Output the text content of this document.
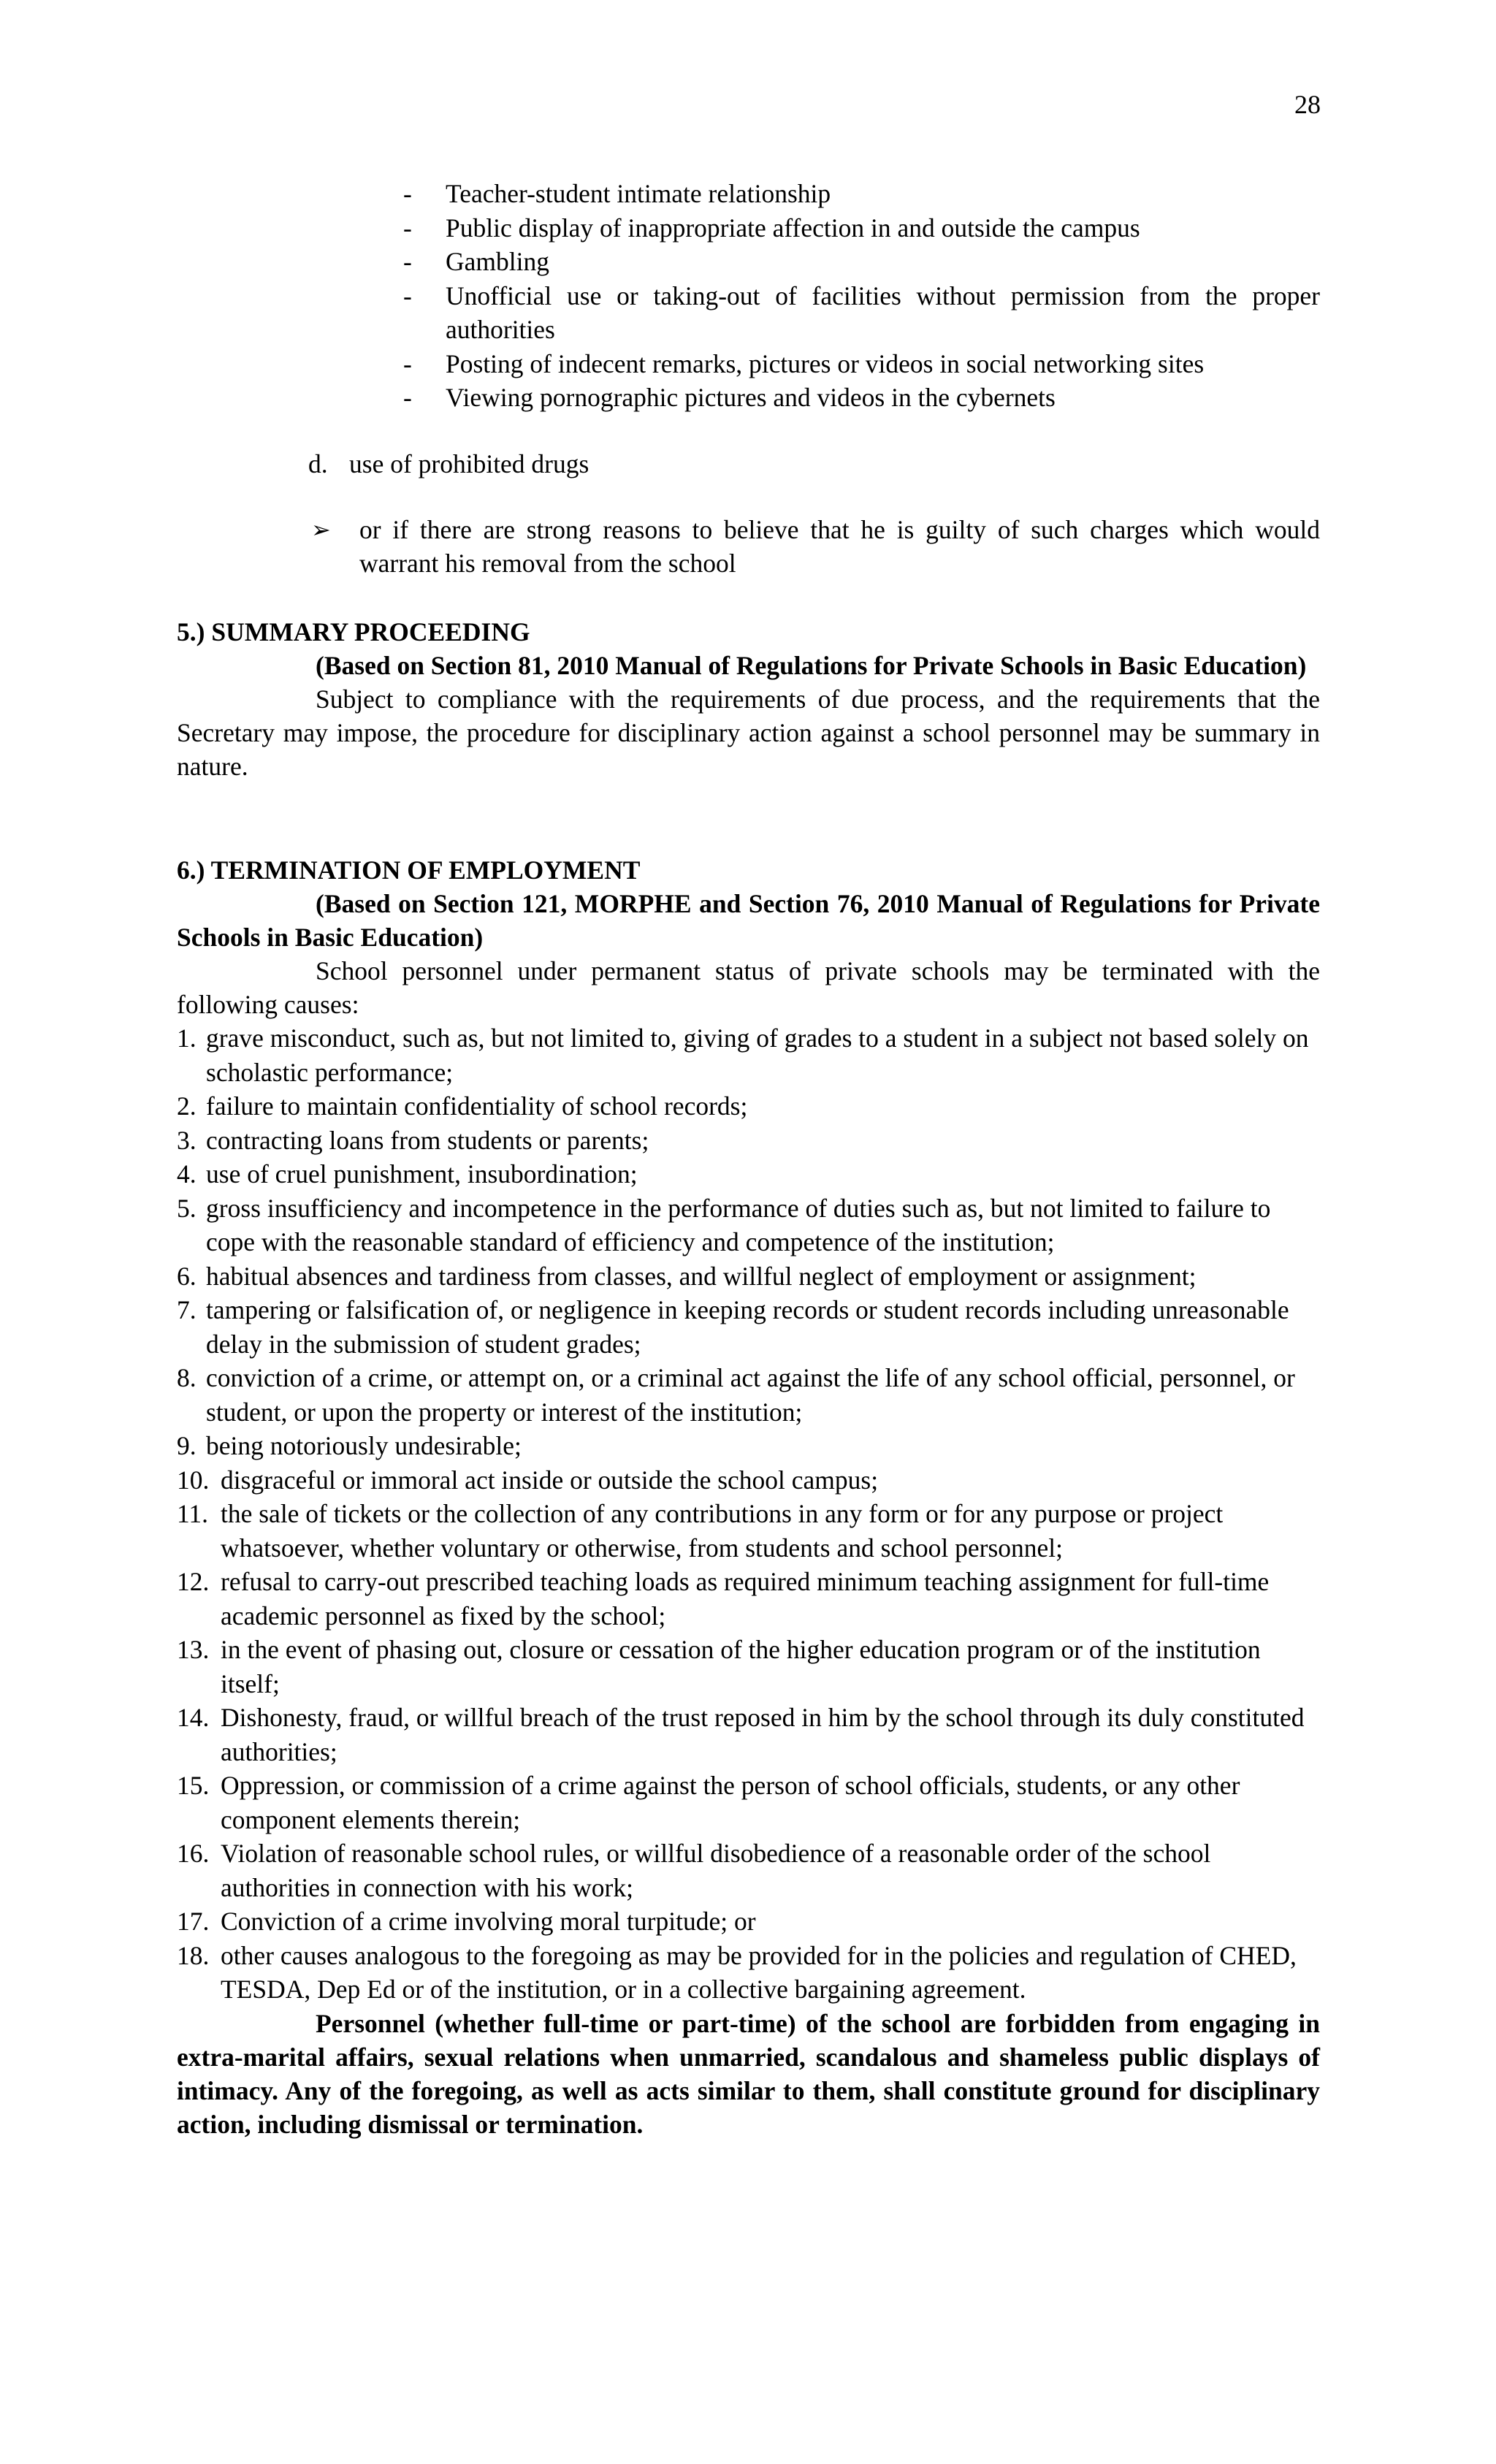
28
- Teacher-student intimate relationship
- Public display of inappropriate affection in and outside the campus
- Gambling
- Unofficial use or taking-out of facilities without permission from the proper authorities
- Posting of indecent remarks, pictures or videos in social networking sites
- Viewing pornographic pictures and videos in the cybernets
d. use of prohibited drugs
➢ or if there are strong reasons to believe that he is guilty of such charges which would warrant his removal from the school
5.) SUMMARY PROCEEDING
(Based on Section 81, 2010 Manual of Regulations for Private Schools in Basic Education)
Subject to compliance with the requirements of due process, and the requirements that the Secretary may impose, the procedure for disciplinary action against a school personnel may be summary in nature.
6.) TERMINATION OF EMPLOYMENT
(Based on Section 121, MORPHE and Section 76, 2010 Manual of Regulations for Private Schools in Basic Education)
School personnel under permanent status of private schools may be terminated with the following causes:
1. grave misconduct, such as, but not limited to, giving of grades to a student in a subject not based solely on scholastic performance;
2. failure to maintain confidentiality of school records;
3. contracting loans from students or parents;
4. use of cruel punishment, insubordination;
5. gross insufficiency and incompetence in the performance of duties such as, but not limited to failure to cope with the reasonable standard of efficiency and competence of the institution;
6. habitual absences and tardiness from classes, and willful neglect of employment or assignment;
7. tampering or falsification of, or negligence in keeping records or student records including unreasonable delay in the submission of student grades;
8. conviction of a crime, or attempt on, or a criminal act against the life of any school official, personnel, or student, or upon the property or interest of the institution;
9. being notoriously undesirable;
10. disgraceful or immoral act inside or outside the school campus;
11. the sale of tickets or the collection of any contributions in any form or for any purpose or project whatsoever, whether voluntary or otherwise, from students and school personnel;
12. refusal to carry-out prescribed teaching loads as required minimum teaching assignment for full-time academic personnel as fixed by the school;
13. in the event of phasing out, closure or cessation of the higher education program or of the institution itself;
14. Dishonesty, fraud, or willful breach of the trust reposed in him by the school through its duly constituted authorities;
15. Oppression, or commission of a crime against the person of school officials, students, or any other component elements therein;
16. Violation of reasonable school rules, or willful disobedience of a reasonable order of the school authorities in connection with his work;
17. Conviction of a crime involving moral turpitude; or
18. other causes analogous to the foregoing as may be provided for in the policies and regulation of CHED, TESDA, Dep Ed or of the institution, or in a collective bargaining agreement.
Personnel (whether full-time or part-time) of the school are forbidden from engaging in extra-marital affairs, sexual relations when unmarried, scandalous and shameless public displays of intimacy. Any of the foregoing, as well as acts similar to them, shall constitute ground for disciplinary action, including dismissal or termination.
